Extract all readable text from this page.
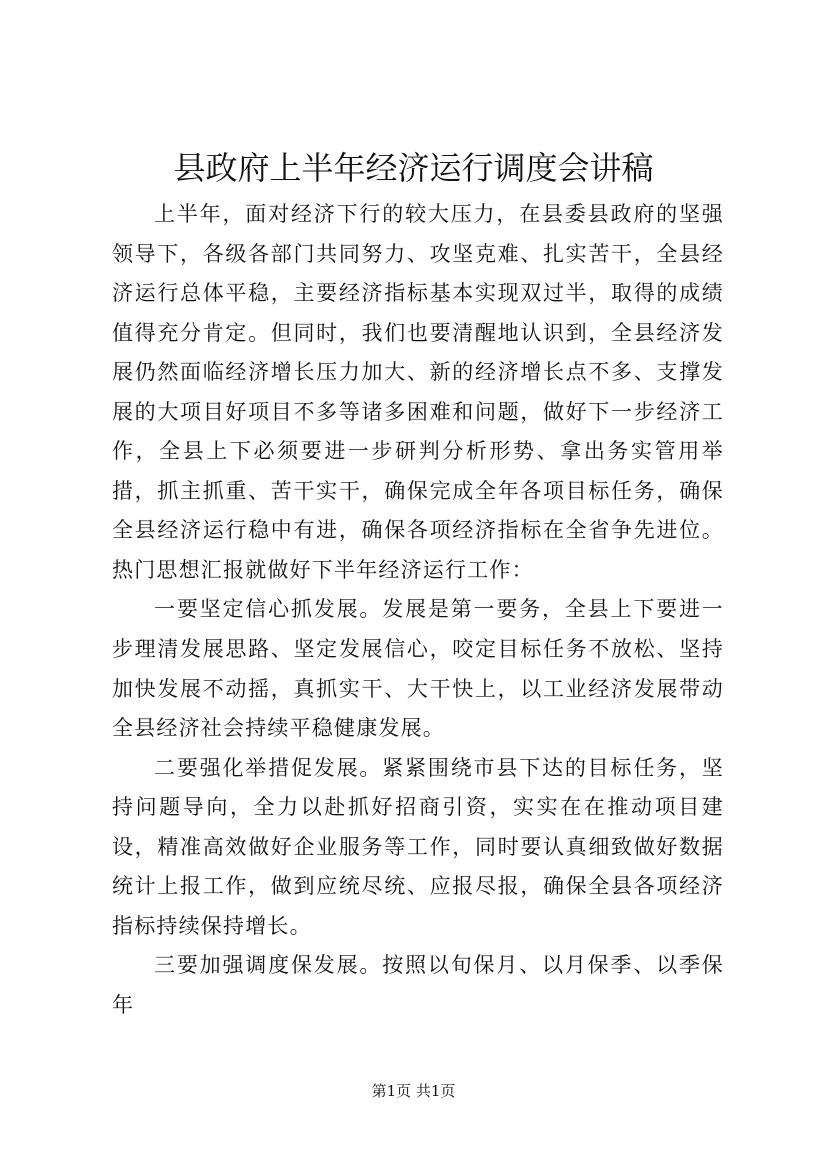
县政府上半年经济运行调度会讲稿

上半年，面对经济下行的较大压力，在县委县政府的坚强领导下，各级各部门共同努力、攻坚克难、扎实苦干，全县经济运行总体平稳，主要经济指标基本实现双过半，取得的成绩值得充分肯定。但同时，我们也要清醒地认识到，全县经济发展仍然面临经济增长压力加大、新的经济增长点不多、支撑发展的大项目好项目不多等诸多困难和问题，做好下一步经济工作，全县上下必须要进一步研判分析形势、拿出务实管用举措，抓主抓重、苦干实干，确保完成全年各项目标任务，确保全县经济运行稳中有进，确保各项经济指标在全省争先进位。热门思想汇报就做好下半年经济运行工作：

一要坚定信心抓发展。发展是第一要务，全县上下要进一步理清发展思路、坚定发展信心，咬定目标任务不放松、坚持加快发展不动摇，真抓实干、大干快上，以工业经济发展带动全县经济社会持续平稳健康发展。

二要强化举措促发展。紧紧围绕市县下达的目标任务，坚持问题导向，全力以赴抓好招商引资，实实在在推动项目建设，精准高效做好企业服务等工作，同时要认真细致做好数据统计上报工作，做到应统尽统、应报尽报，确保全县各项经济指标持续保持增长。

三要加强调度保发展。按照以旬保月、以月保季、以季保年

第1页 共1页
